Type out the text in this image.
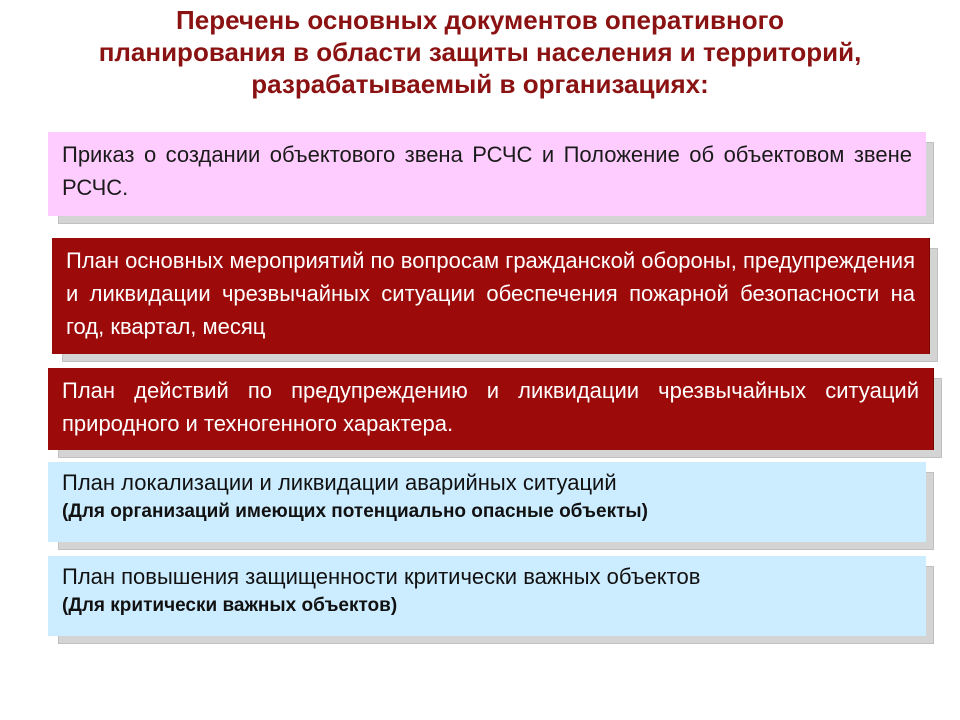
Перечень основных документов оперативного
планирования в области защиты населения и территорий,
разрабатываемый в организациях:
Приказ о создании объектового звена РСЧС и Положение об объектовом звене РСЧС.
План основных мероприятий по вопросам гражданской обороны, предупреждения и ликвидации чрезвычайных ситуации обеспечения пожарной безопасности на год, квартал, месяц
План действий по предупреждению и ликвидации чрезвычайных ситуаций природного и техногенного характера.
План локализации и ликвидации аварийных ситуаций
(Для организаций имеющих потенциально опасные объекты)
План повышения защищенности критически важных объектов
(Для критически важных объектов)
